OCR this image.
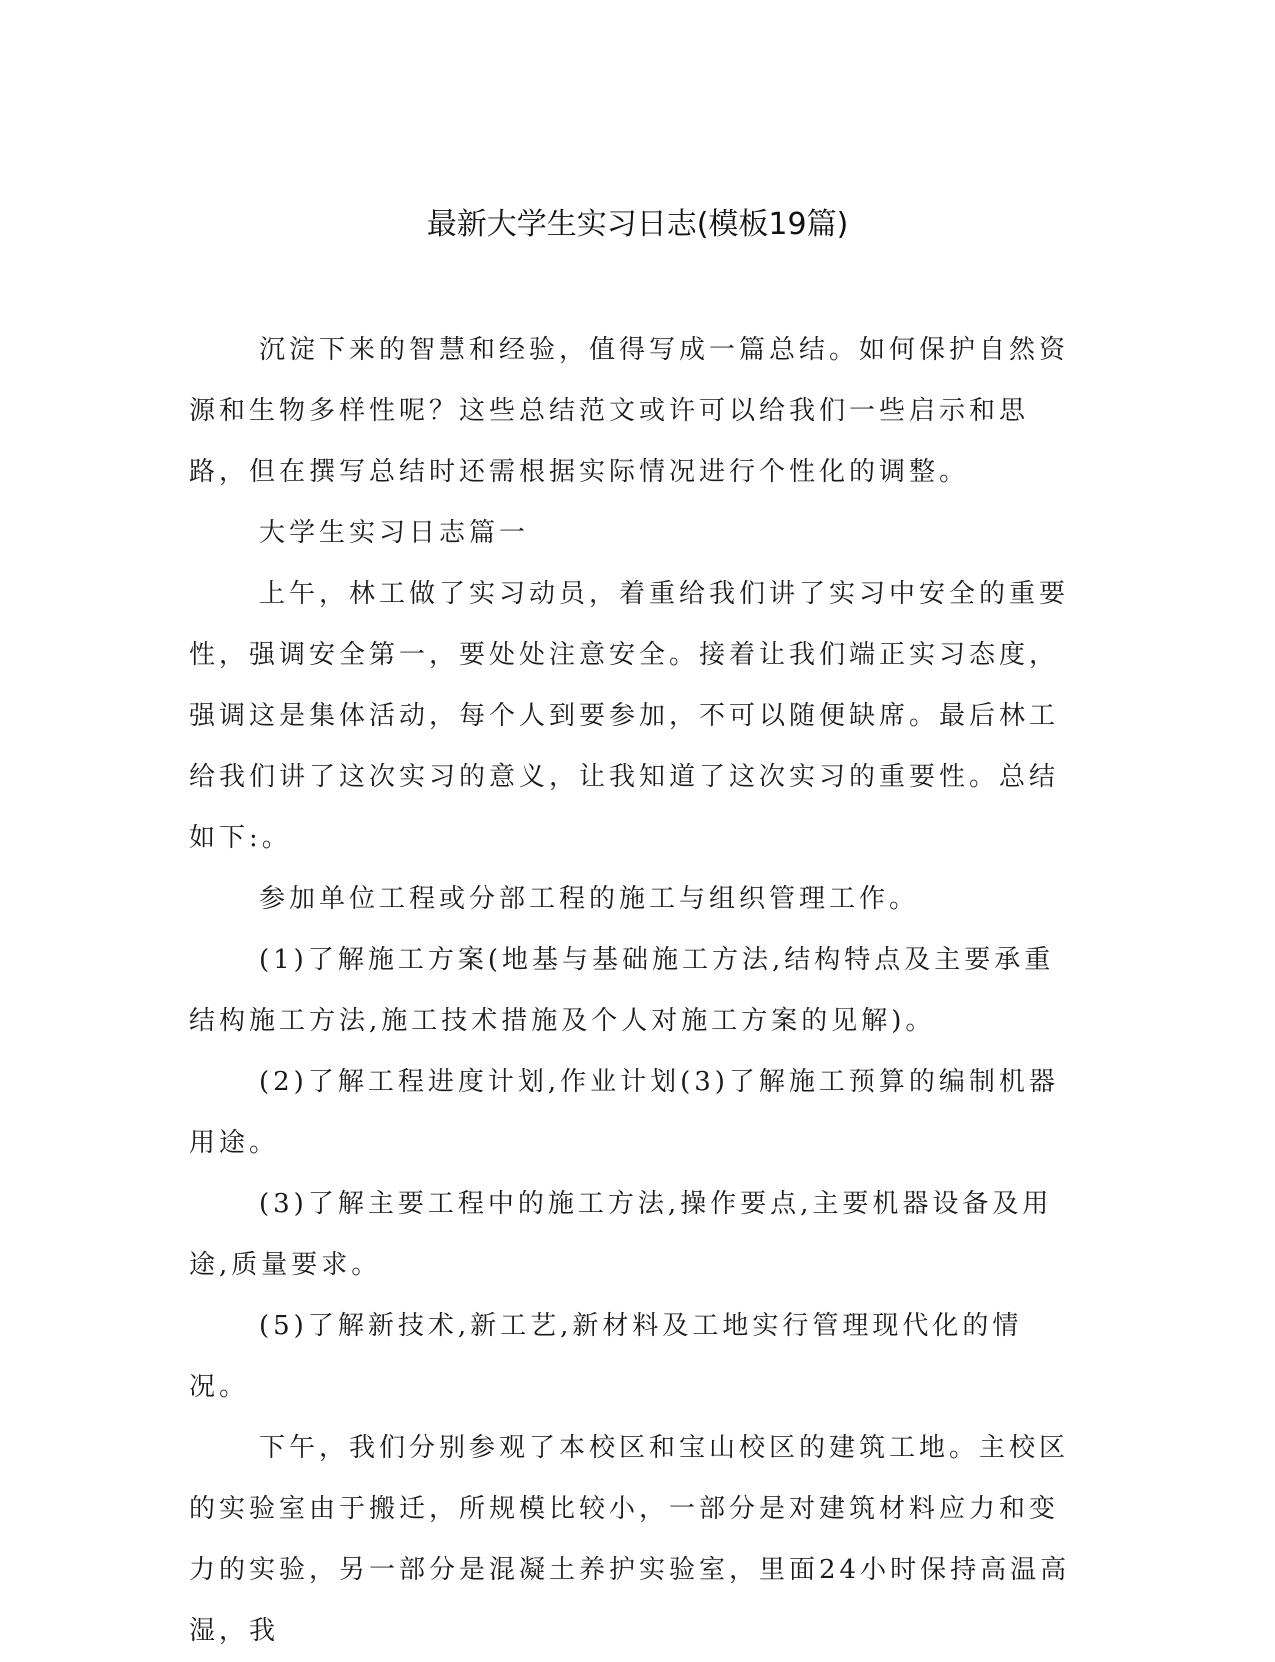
最新大学生实习日志(模板19篇)

沉淀下来的智慧和经验，值得写成一篇总结。如何保护自然资源和生物多样性呢？这些总结范文或许可以给我们一些启示和思路，但在撰写总结时还需根据实际情况进行个性化的调整。

大学生实习日志篇一

上午，林工做了实习动员，着重给我们讲了实习中安全的重要性，强调安全第一，要处处注意安全。接着让我们端正实习态度，强调这是集体活动，每个人到要参加，不可以随便缺席。最后林工给我们讲了这次实习的意义，让我知道了这次实习的重要性。总结如下:。

参加单位工程或分部工程的施工与组织管理工作。

(1)了解施工方案(地基与基础施工方法,结构特点及主要承重结构施工方法,施工技术措施及个人对施工方案的见解)。

(2)了解工程进度计划,作业计划(3)了解施工预算的编制机器用途。

(3)了解主要工程中的施工方法,操作要点,主要机器设备及用途,质量要求。

(5)了解新技术,新工艺,新材料及工地实行管理现代化的情况。

下午，我们分别参观了本校区和宝山校区的建筑工地。主校区的实验室由于搬迁，所规模比较小，一部分是对建筑材料应力和变力的实验，另一部分是混凝土养护实验室，里面24小时保持高温高湿，我
